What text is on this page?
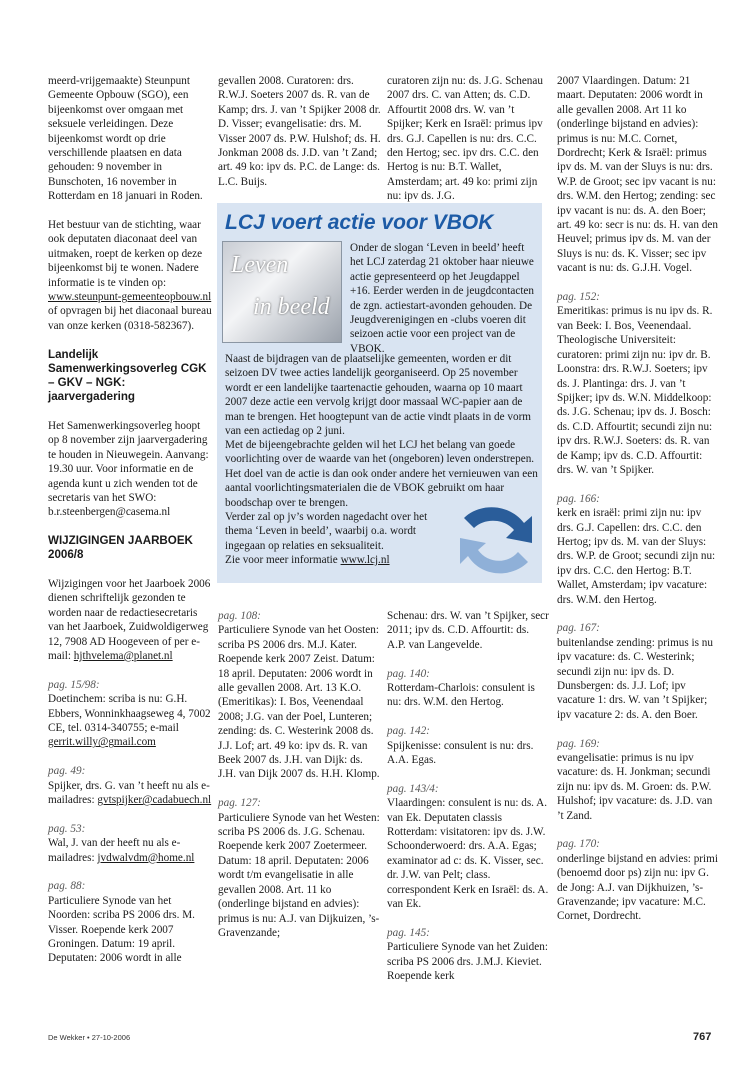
meerd-vrijgemaakte) Steunpunt Gemeente Opbouw (SGO), een bijeenkomst over omgaan met seksuele verleidingen. Deze bijeenkomst wordt op drie verschillende plaatsen en data gehouden: 9 november in Bunschoten, 16 november in Rotterdam en 18 januari in Roden.

Het bestuur van de stichting, waar ook deputaten diaconaat deel van uitmaken, roept de kerken op deze bijeenkomst bij te wonen. Nadere informatie is te vinden op: www.steunpunt-gemeenteopbouw.nl of opvragen bij het diaconaal bureau van onze kerken (0318-582367).

Landelijk Samenwerkingsoverleg CGK – GKV – NGK: jaarvergadering

Het Samenwerkingsoverleg hoopt op 8 november zijn jaarvergadering te houden in Nieuwegein. Aanvang: 19.30 uur. Voor informatie en de agenda kunt u zich wenden tot de secretaris van het SWO: b.r.steenbergen@casema.nl

WIJZIGINGEN JAARBOEK 2006/8

Wijzigingen voor het Jaarboek 2006 dienen schriftelijk gezonden te worden naar de redactiesecretaris van het Jaarboek, Zuidwoldigerweg 12, 7908 AD Hoogeveen of per e-mail: hjthvelema@planet.nl

pag. 15/98:

Doetinchem: scriba is nu: G.H. Ebbers, Wonninkhaagseweg 4, 7002 CE, tel. 0314-340755; e-mail gerrit.willy@gmail.com

pag. 49:

Spijker, drs. G. van ’t heeft nu als e-mailadres: gvtspijker@cadabuech.nl

pag. 53:

Wal, J. van der heeft nu als e-mailadres: jvdwalvdm@home.nl

pag. 88:

Particuliere Synode van het Noorden: scriba PS 2006 drs. M. Visser. Roepende kerk 2007 Groningen. Datum: 19 april. Deputaten: 2006 wordt in alle

gevallen 2008. Curatoren: drs. R.W.J. Soeters 2007 ds. R. van de Kamp; drs. J. van ’t Spijker 2008 dr. D. Visser; evangelisatie: drs. M. Visser 2007 ds. P.W. Hulshof; ds. H. Jonkman 2008 ds. J.D. van ’t Zand; art. 49 ko: ipv ds. P.C. de Lange: ds. L.C. Buijs.

curatoren zijn nu: ds. J.G. Schenau 2007 drs. C. van Atten; ds. C.D. Affourtit 2008 drs. W. van ’t Spijker; Kerk en Israël: primus ipv drs. G.J. Capellen is nu: drs. C.C. den Hertog; sec. ipv drs. C.C. den Hertog is nu: B.T. Wallet, Amsterdam; art. 49 ko: primi zijn nu: ipv ds. J.G.

LCJ voert actie voor VBOK
Leven
in beeld

Onder de slogan ‘Leven in beeld’ heeft het LCJ zaterdag 21 oktober haar nieuwe actie gepresenteerd op het Jeugdappel +16. Eerder werden in de jeugdcontacten de zgn. actiestart-avonden gehouden. De Jeugdverenigingen en -clubs voeren dit seizoen actie voor een project van de VBOK.

Naast de bijdragen van de plaatselijke gemeenten, worden er dit seizoen DV twee acties landelijk georganiseerd. Op 25 november wordt er een landelijke taartenactie gehouden, waarna op 10 maart 2007 deze actie een vervolg krijgt door massaal WC-papier aan de man te brengen. Het hoogtepunt van de actie vindt plaats in de vorm van een actiedag op 2 juni.

Met de bijeengebrachte gelden wil het LCJ het belang van goede voorlichting over de waarde van het (ongeboren) leven onderstrepen. Het doel van de actie is dan ook onder andere het vernieuwen van een aantal voorlichtingsmaterialen die de VBOK gebruikt om haar boodschap over te brengen.

Verder zal op jv’s worden nagedacht over het thema ‘Leven in beeld’, waarbij o.a. wordt ingegaan op relaties en seksualiteit.

Zie voor meer informatie www.lcj.nl

pag. 108:

Particuliere Synode van het Oosten: scriba PS 2006 drs. M.J. Kater. Roepende kerk 2007 Zeist. Datum: 18 april. Deputaten: 2006 wordt in alle gevallen 2008. Art. 13 K.O.(Emeritikas): I. Bos, Veenendaal 2008; J.G. van der Poel, Lunteren; zending: ds. C. Westerink 2008 ds. J.J. Lof; art. 49 ko: ipv ds. R. van Beek 2007 ds. J.H. van Dijk: ds. J.H. van Dijk 2007 ds. H.H. Klomp.

pag. 127:

Particuliere Synode van het Westen: scriba PS 2006 ds. J.G. Schenau. Roepende kerk 2007 Zoetermeer. Datum: 18 april. Deputaten: 2006 wordt t/m evangelisatie in alle gevallen 2008. Art. 11 ko (onderlinge bijstand en advies): primus is nu: A.J. van Dijkuizen, ’s-Gravenzande;

Schenau: drs. W. van ’t Spijker, secr 2011; ipv ds. C.D. Affourtit: ds. A.P. van Langevelde.

pag. 140:

Rotterdam-Charlois: consulent is nu: drs. W.M. den Hertog.

pag. 142:

Spijkenisse: consulent is nu: drs. A.A. Egas.

pag. 143/4:

Vlaardingen: consulent is nu: ds. A. van Ek. Deputaten classis Rotterdam: visitatoren: ipv ds. J.W. Schoonderwoerd: drs. A.A. Egas; examinator ad c: ds. K. Visser, sec. dr. J.W. van Pelt; class. correspondent Kerk en Israël: ds. A. van Ek.

pag. 145:

Particuliere Synode van het Zuiden: scriba PS 2006 drs. J.M.J. Kieviet. Roepende kerk

2007 Vlaardingen. Datum: 21 maart. Deputaten: 2006 wordt in alle gevallen 2008. Art 11 ko (onderlinge bijstand en advies): primus is nu: M.C. Cornet, Dordrecht; Kerk & Israël: primus ipv ds. M. van der Sluys is nu: drs. W.P. de Groot; sec ipv vacant is nu: drs. W.M. den Hertog; zending: sec ipv vacant is nu: ds. A. den Boer; art. 49 ko: secr is nu: ds. H. van den Heuvel; primus ipv ds. M. van der Sluys is nu: ds. K. Visser; sec ipv vacant is nu: ds. G.J.H. Vogel.

pag. 152:

Emeritikas: primus is nu ipv ds. R. van Beek: I. Bos, Veenendaal. Theologische Universiteit: curatoren: primi zijn nu: ipv dr. B. Loonstra: drs. R.W.J. Soeters; ipv ds. J. Plantinga: drs. J. van ’t Spijker; ipv ds. W.N. Middelkoop: ds. J.G. Schenau; ipv ds. J. Bosch: ds. C.D. Affourtit; secundi zijn nu: ipv drs. R.W.J. Soeters: ds. R. van de Kamp; ipv ds. C.D. Affourtit: drs. W. van ’t Spijker.

pag. 166:

kerk en israël: primi zijn nu: ipv drs. G.J. Capellen: drs. C.C. den Hertog; ipv ds. M. van der Sluys: drs. W.P. de Groot; secundi zijn nu: ipv drs. C.C. den Hertog: B.T. Wallet, Amsterdam; ipv vacature: drs. W.M. den Hertog.

pag. 167:

buitenlandse zending: primus is nu ipv vacature: ds. C. Westerink; secundi zijn nu: ipv ds. D. Dunsbergen: ds. J.J. Lof; ipv vacature 1: drs. W. van ’t Spijker; ipv vacature 2: ds. A. den Boer.

pag. 169:

evangelisatie: primus is nu ipv vacature: ds. H. Jonkman; secundi zijn nu: ipv ds. M. Groen: ds. P.W. Hulshof; ipv vacature: ds. J.D. van ’t Zand.

pag. 170:

onderlinge bijstand en advies: primi (benoemd door ps) zijn nu: ipv G. de Jong: A.J. van Dijkhuizen, ’s-Gravenzande; ipv vacature: M.C. Cornet, Dordrecht.

De Wekker • 27-10-2006	767
